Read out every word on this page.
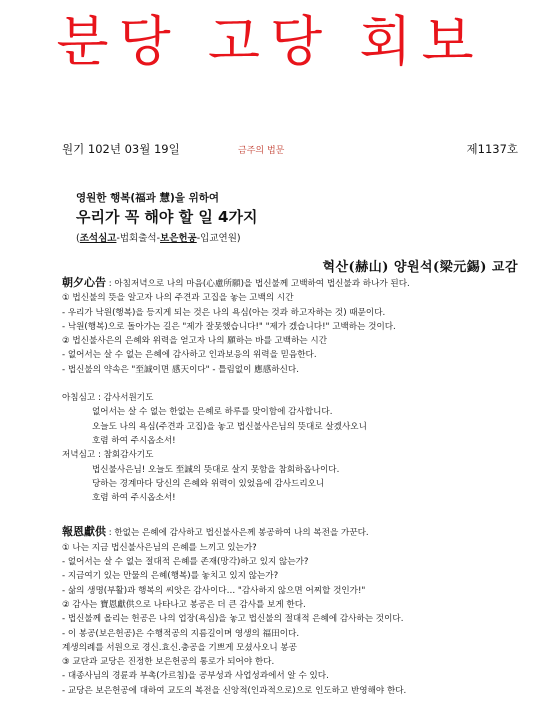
분당 고당 회보
원기 102년 03월 19일	금주의 법문	제1137호
영원한 행복(福과 慧)을 위하여
우리가 꼭 해야 할 일 4가지
(조석심고-법회출석-보은헌공-입교연원)
혁산(赫山) 양원석(梁元錫) 교감

朝夕心告 : 아침저녁으로 나의 마음(心慮所願)을 법신불께 고백하여 법신불과 하나가 된다.

① 법신불의 뜻을 알고자 나의 주견과 고집을 놓는 고백의 시간

- 우리가 낙원(행복)을 등지게 되는 것은 나의 욕심(아는 것과 하고자하는 것) 때문이다.

- 낙원(행복)으로 돌아가는 길은 "제가 잘못했습니다!" "제가 겠습니다!" 고백하는 것이다.

② 법신불사은의 은혜와 위력을 얻고자 나의 願하는 바를 고백하는 시간

- 없어서는 살 수 없는 은혜에 감사하고 인과보응의 위력을 믿음한다.

- 법신불의 약속은 "至誠이면 感天이다" - 틀림없이 應感하신다.

아침심고 : 감사서원기도

없어서는 살 수 없는 한없는 은혜로 하루를 맞이함에 감사합니다.

오늘도 나의 욕심(주견과 고집)을 놓고 법신불사은님의 뜻대로 살겠사오니

호렴 하여 주시옵소서!

저녁심고 : 참회감사기도

법신불사은님! 오늘도 至誠의 뜻대로 살지 못함을 참회하옵나이다.

당하는 경계마다 당신의 은혜와 위력이 있었음에 감사드리오니

호렴 하여 주시옵소서!

報恩獻供 : 한없는 은혜에 감사하고 법신불사은께 봉공하여 나의 복전을 가꾼다.

① 나는 지금 법신불사은님의 은혜를 느끼고 있는가?

- 없어서는 살 수 없는 절대적 은혜를 존재(망각)하고 있지 않는가?

- 지금여기 있는 만물의 은혜(행복)를 놓치고 있지 않는가?

- 삶의 생명(부활)과 행복의 씨앗은 감사이다… "감사하지 않으면 어찌할 것인가!"

② 감사는 寶恩獻供으로 나타나고 봉공은 더 큰 감사를 보게 한다.

- 법신불께 올리는 헌공은 나의 업장(욕심)을 놓고 법신불의 절대적 은혜에 감사하는 것이다.

- 이 봉공(보은헌공)은 수행적공의 지름길이며 영생의 福田이다.

계생의례를 서원으로 경신.효신.충공을 기쁘게 모셨사오니 봉공

③ 교단과 교당은 진정한 보은헌공의 통로가 되어야 한다.

- 대종사님의 경륜과 부촉(가르침)을 공부성과 사업성과에서 알 수 있다.

- 교당은 보은헌공에 대하여 교도의 복전을 신앙적(인과적으로)으로 인도하고 반영해야 한다.
